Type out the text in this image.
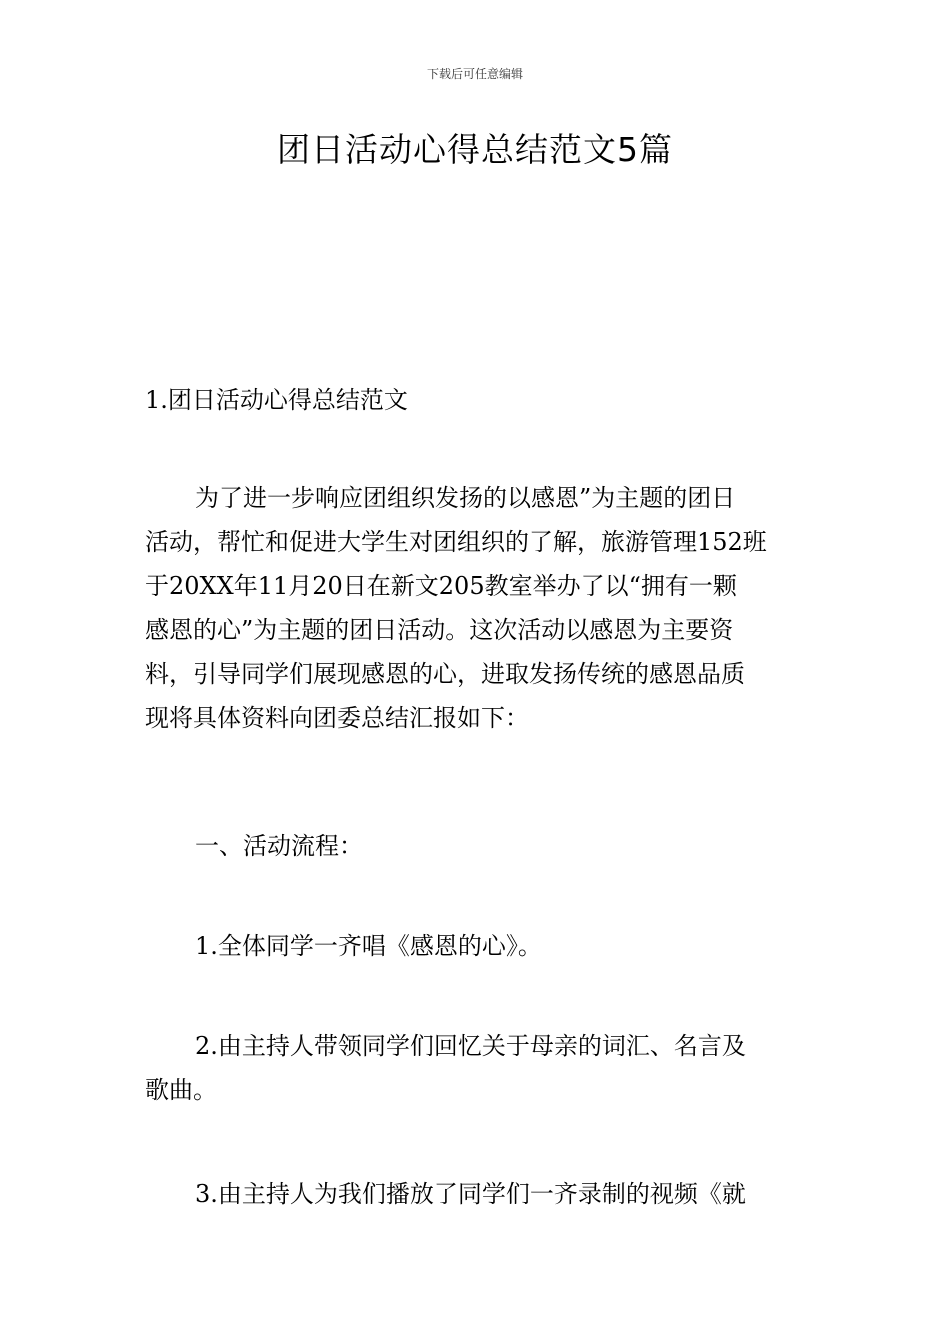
下载后可任意编辑
团日活动心得总结范文5篇

1.团日活动心得总结范文

为了进一步响应团组织发扬的以感恩”为主题的团日
活动，帮忙和促进大学生对团组织的了解，旅游管理152班
于20XX年11月20日在新文205教室举办了以“拥有一颗
感恩的心”为主题的团日活动。这次活动以感恩为主要资
料，引导同学们展现感恩的心，进取发扬传统的感恩品质
现将具体资料向团委总结汇报如下：

一、活动流程：

1.全体同学一齐唱《感恩的心》。

2.由主持人带领同学们回忆关于母亲的词汇、名言及
歌曲。
3.由主持人为我们播放了同学们一齐录制的视频《就
